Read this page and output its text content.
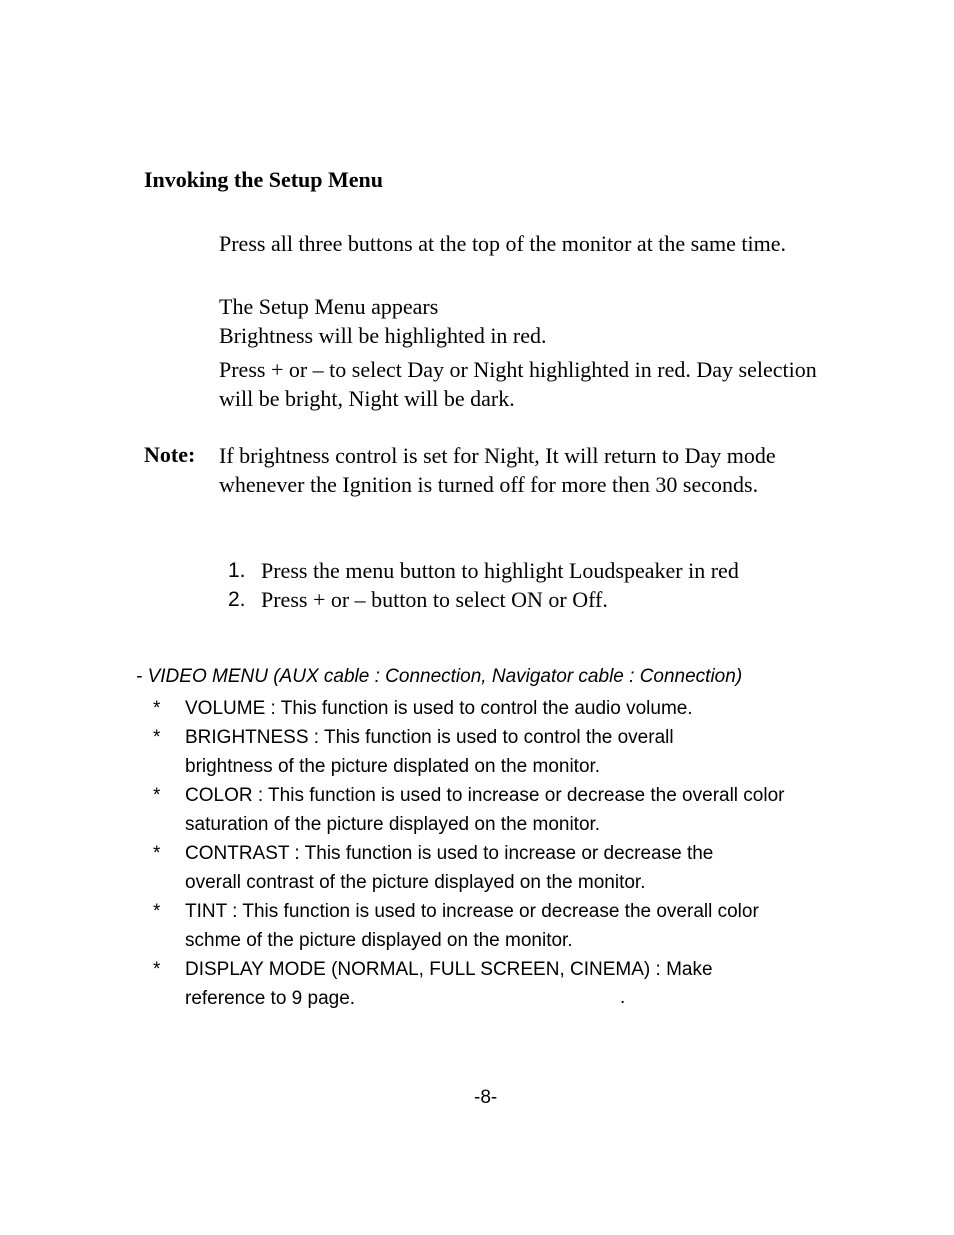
Invoking the Setup Menu
Press all three buttons at the top of the monitor at the same time.
The Setup Menu appears
Brightness will be highlighted in red.
Press + or – to select Day or Night highlighted in red. Day selection will be bright, Night will be dark.
Note: If brightness control is set for Night, It will return to Day mode whenever the Ignition is turned off for more then 30 seconds.
1. Press the menu button to highlight Loudspeaker in red
2. Press + or – button to select ON or Off.
- VIDEO MENU (AUX cable : Connection, Navigator cable : Connection)
*	VOLUME : This function is used to control the audio volume.
*	BRIGHTNESS : This function is used to control the overall brightness of the picture displated on the monitor.
*	COLOR : This function is used to increase or decrease the overall color saturation of the picture displayed on the monitor.
*	CONTRAST : This function is used to increase or decrease the overall contrast of the picture displayed on the monitor.
*	TINT : This function is used to increase or decrease the overall color schme of the picture displayed on the monitor.
*	DISPLAY MODE (NORMAL, FULL SCREEN, CINEMA) : Make reference to 9 page.	.
-8-
